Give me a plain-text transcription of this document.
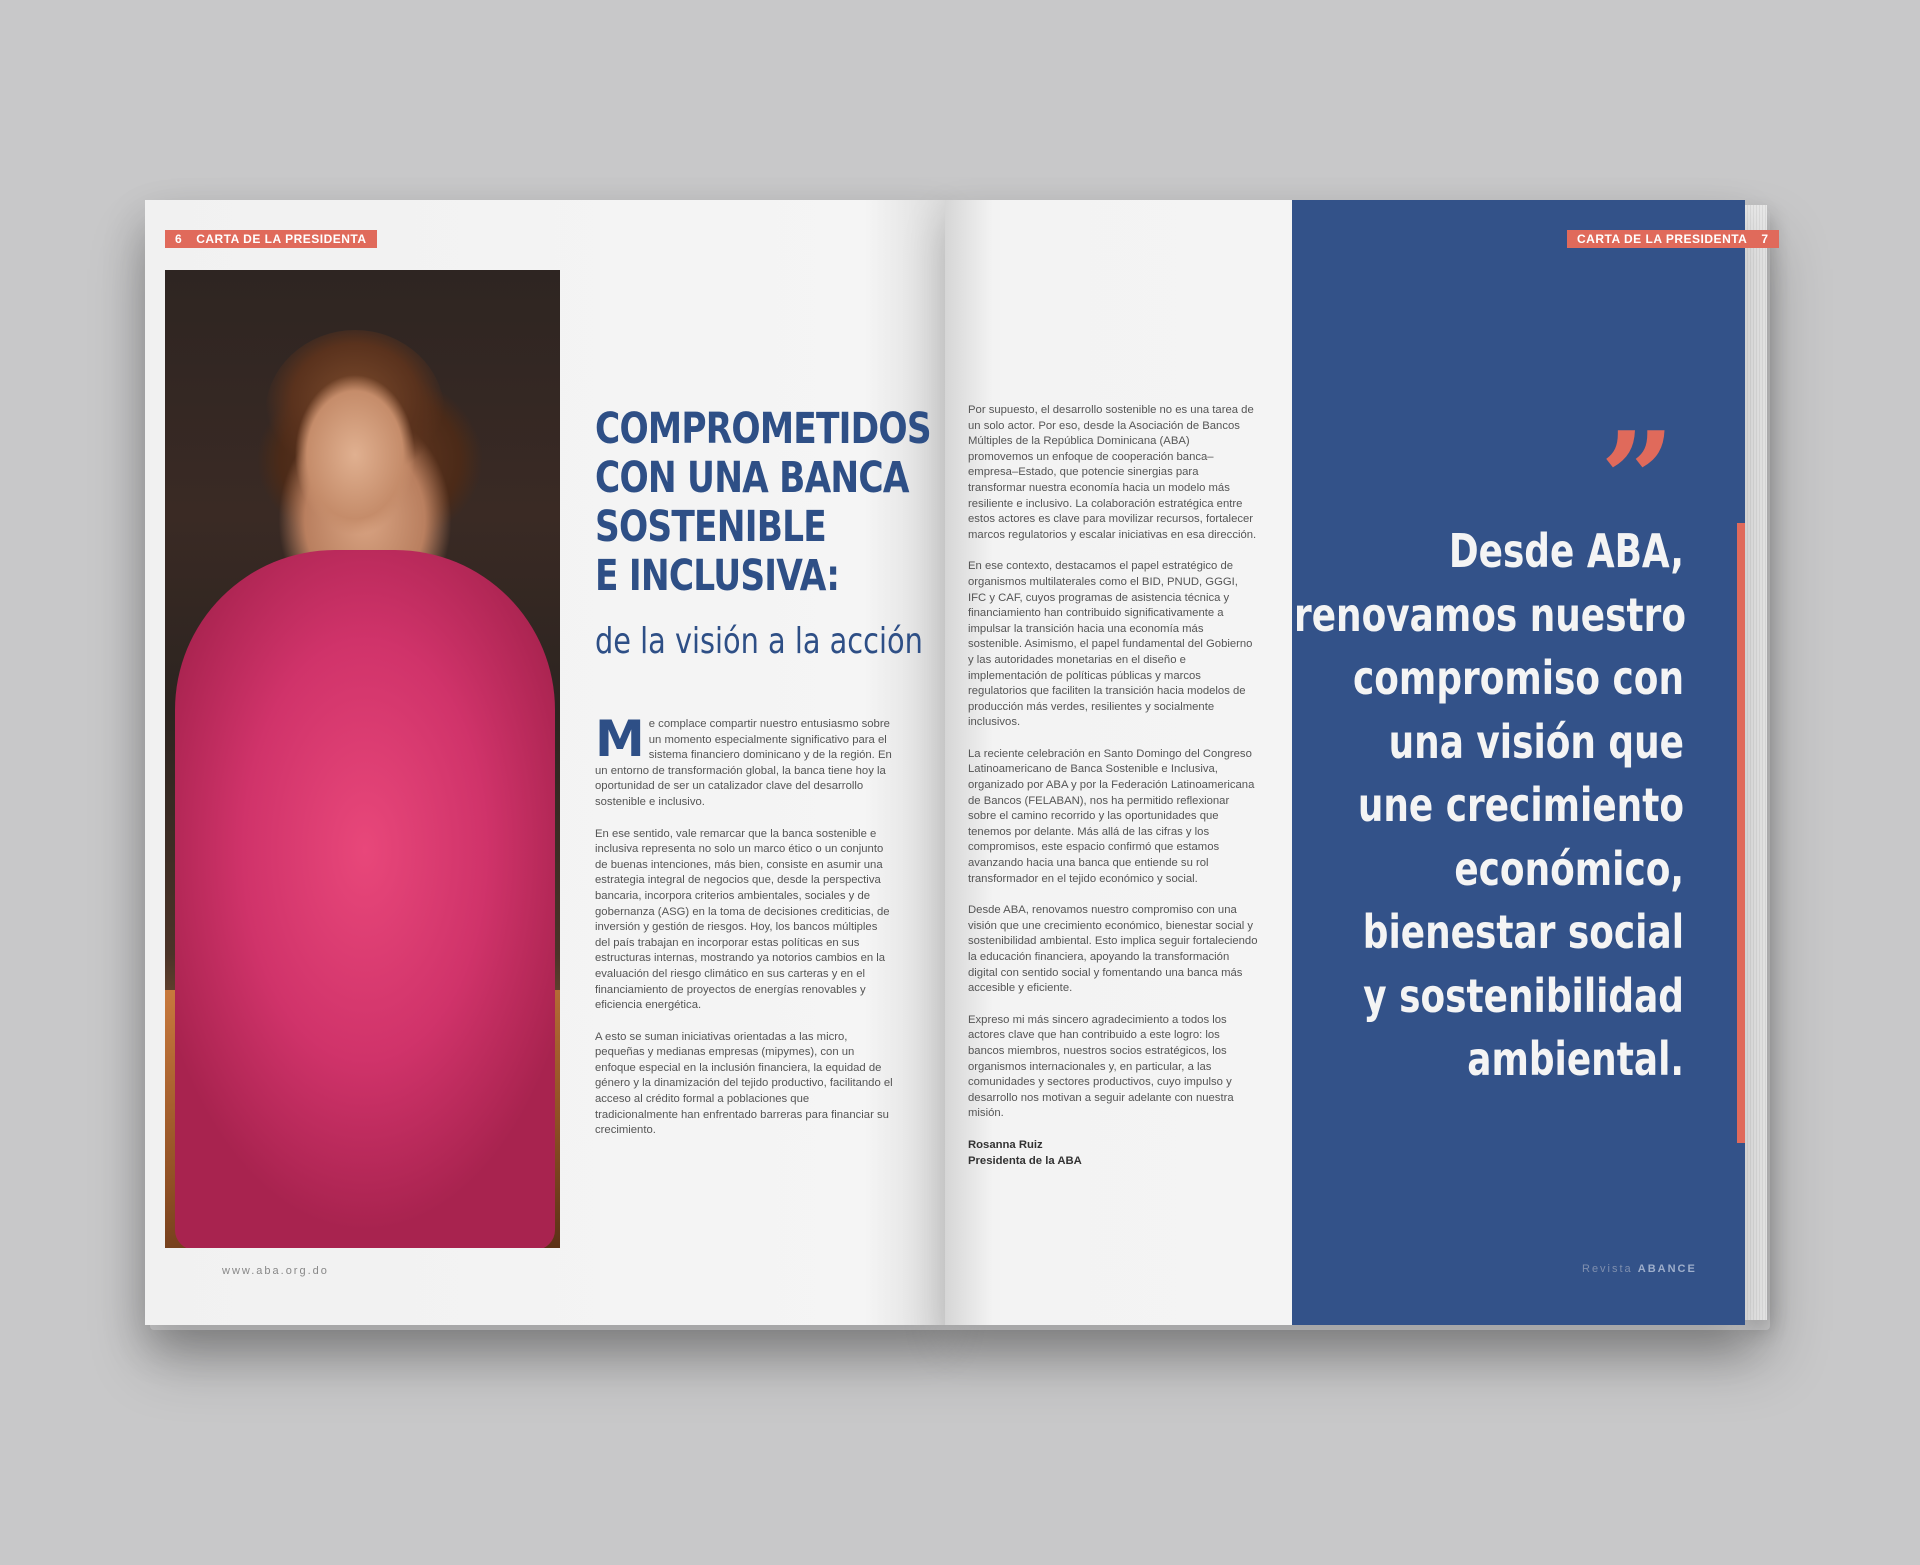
6 CARTA DE LA PRESIDENTA
www.aba.org.do
COMPROMETIDOS
CON UNA BANCA
SOSTENIBLE
E INCLUSIVA:
de la visión a la acción

Me complace compartir nuestro entusiasmo sobre un momento especialmente significativo para el sistema financiero dominicano y de la región. En un entorno de transformación global, la banca tiene hoy la oportunidad de ser un catalizador clave del desarrollo sostenible e inclusivo.

En ese sentido, vale remarcar que la banca sostenible e inclusiva representa no solo un marco ético o un conjunto de buenas intenciones, más bien, consiste en asumir una estrategia integral de negocios que, desde la perspectiva bancaria, incorpora criterios ambientales, sociales y de gobernanza (ASG) en la toma de decisiones crediticias, de inversión y gestión de riesgos. Hoy, los bancos múltiples del país trabajan en incorporar estas políticas en sus estructuras internas, mostrando ya notorios cambios en la evaluación del riesgo climático en sus carteras y en el financiamiento de proyectos de energías renovables y eficiencia energética.

A esto se suman iniciativas orientadas a las micro, pequeñas y medianas empresas (mipymes), con un enfoque especial en la inclusión financiera, la equidad de género y la dinamización del tejido productivo, facilitando el acceso al crédito formal a poblaciones que tradicionalmente han enfrentado barreras para financiar su crecimiento.

Por supuesto, el desarrollo sostenible no es una tarea de un solo actor. Por eso, desde la Asociación de Bancos Múltiples de la República Dominicana (ABA) promovemos un enfoque de cooperación banca–empresa–Estado, que potencie sinergias para transformar nuestra economía hacia un modelo más resiliente e inclusivo. La colaboración estratégica entre estos actores es clave para movilizar recursos, fortalecer marcos regulatorios y escalar iniciativas en esa dirección.

En ese contexto, destacamos el papel estratégico de organismos multilaterales como el BID, PNUD, GGGI, IFC y CAF, cuyos programas de asistencia técnica y financiamiento han contribuido significativamente a impulsar la transición hacia una economía más sostenible. Asimismo, el papel fundamental del Gobierno y las autoridades monetarias en el diseño e implementación de políticas públicas y marcos regulatorios que faciliten la transición hacia modelos de producción más verdes, resilientes y socialmente inclusivos.

La reciente celebración en Santo Domingo del Congreso Latinoamericano de Banca Sostenible e Inclusiva, organizado por ABA y por la Federación Latinoamericana de Bancos (FELABAN), nos ha permitido reflexionar sobre el camino recorrido y las oportunidades que tenemos por delante. Más allá de las cifras y los compromisos, este espacio confirmó que estamos avanzando hacia una banca que entiende su rol transformador en el tejido económico y social.

Desde ABA, renovamos nuestro compromiso con una visión que une crecimiento económico, bienestar social y sostenibilidad ambiental. Esto implica seguir fortaleciendo la educación financiera, apoyando la transformación digital con sentido social y fomentando una banca más accesible y eficiente.

Expreso mi más sincero agradecimiento a todos los actores clave que han contribuido a este logro: los bancos miembros, nuestros socios estratégicos, los organismos internacionales y, en particular, a las comunidades y sectores productivos, cuyo impulso y desarrollo nos motivan a seguir adelante con nuestra misión.

Rosanna Ruiz
Presidenta de la ABA
CARTA DE LA PRESIDENTA 7
”
Desde ABA,
renovamos nuestro
compromiso con
una visión que
une crecimiento
económico,
bienestar social
y sostenibilidad
ambiental.
Revista ABANCE
